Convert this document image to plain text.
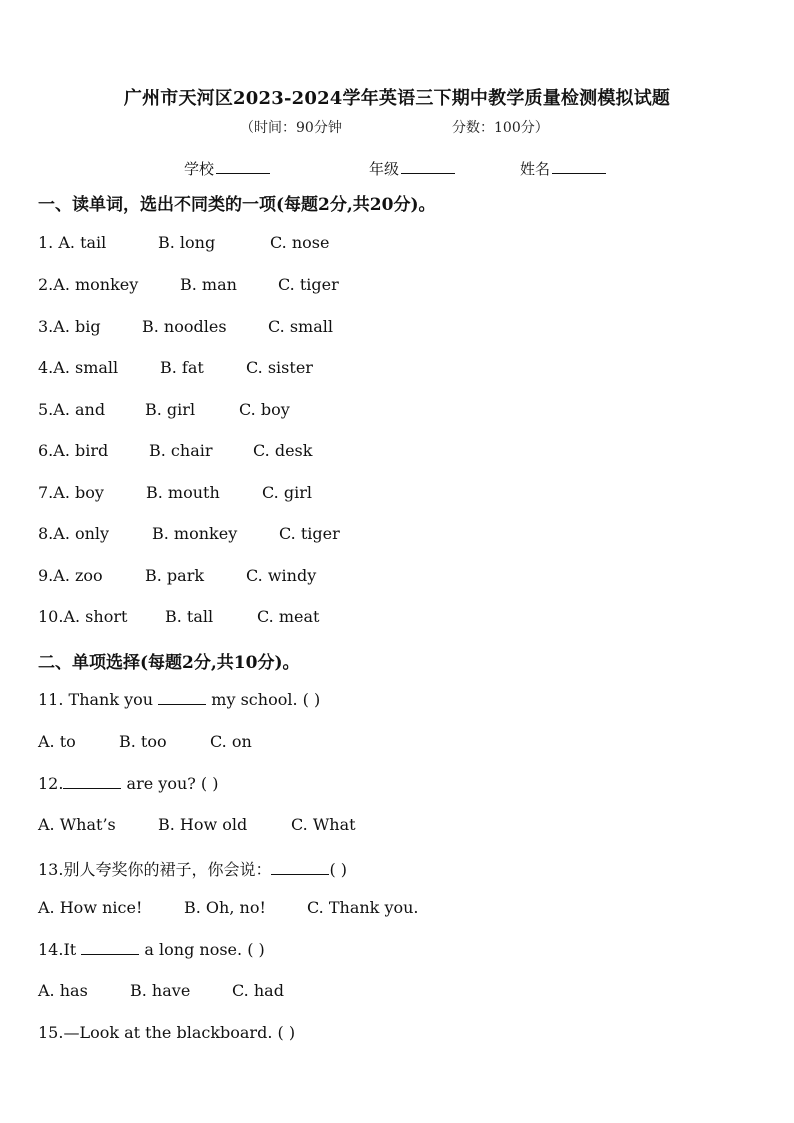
广州市天河区2023-2024学年英语三下期中教学质量检测模拟试题
（时间：90分钟	分数：100分）
学校	年级	姓名
一、读单词，选出不同类的一项(每题2分,共20分)。
1. A. tail	B. long	C. nose
2.A. monkey	B. man	C. tiger
3.A. big	B. noodles	C. small
4.A. small	B. fat	C. sister
5.A. and B. girl	C. boy
6.A. bird	B. chair	C. desk
7.A. boy	B. mouth	C. girl
8.A. only	B. monkey	C. tiger
9.A. zoo	B. park	C. windy
10.A. short B. tall	C. meat
二、单项选择(每题2分,共10分)。
11. Thank you	my school. ( )
A. to	B. too	C. on
12.	are you? ( )
A. What’s	B. How old	C. What
13.别人夸奖你的裙子，你会说：	( )
A. How nice!	B. Oh, no!	C. Thank you.
14.It	a long nose. ( )
A. has	B. have	C. had
15.—Look at the blackboard. ( )
